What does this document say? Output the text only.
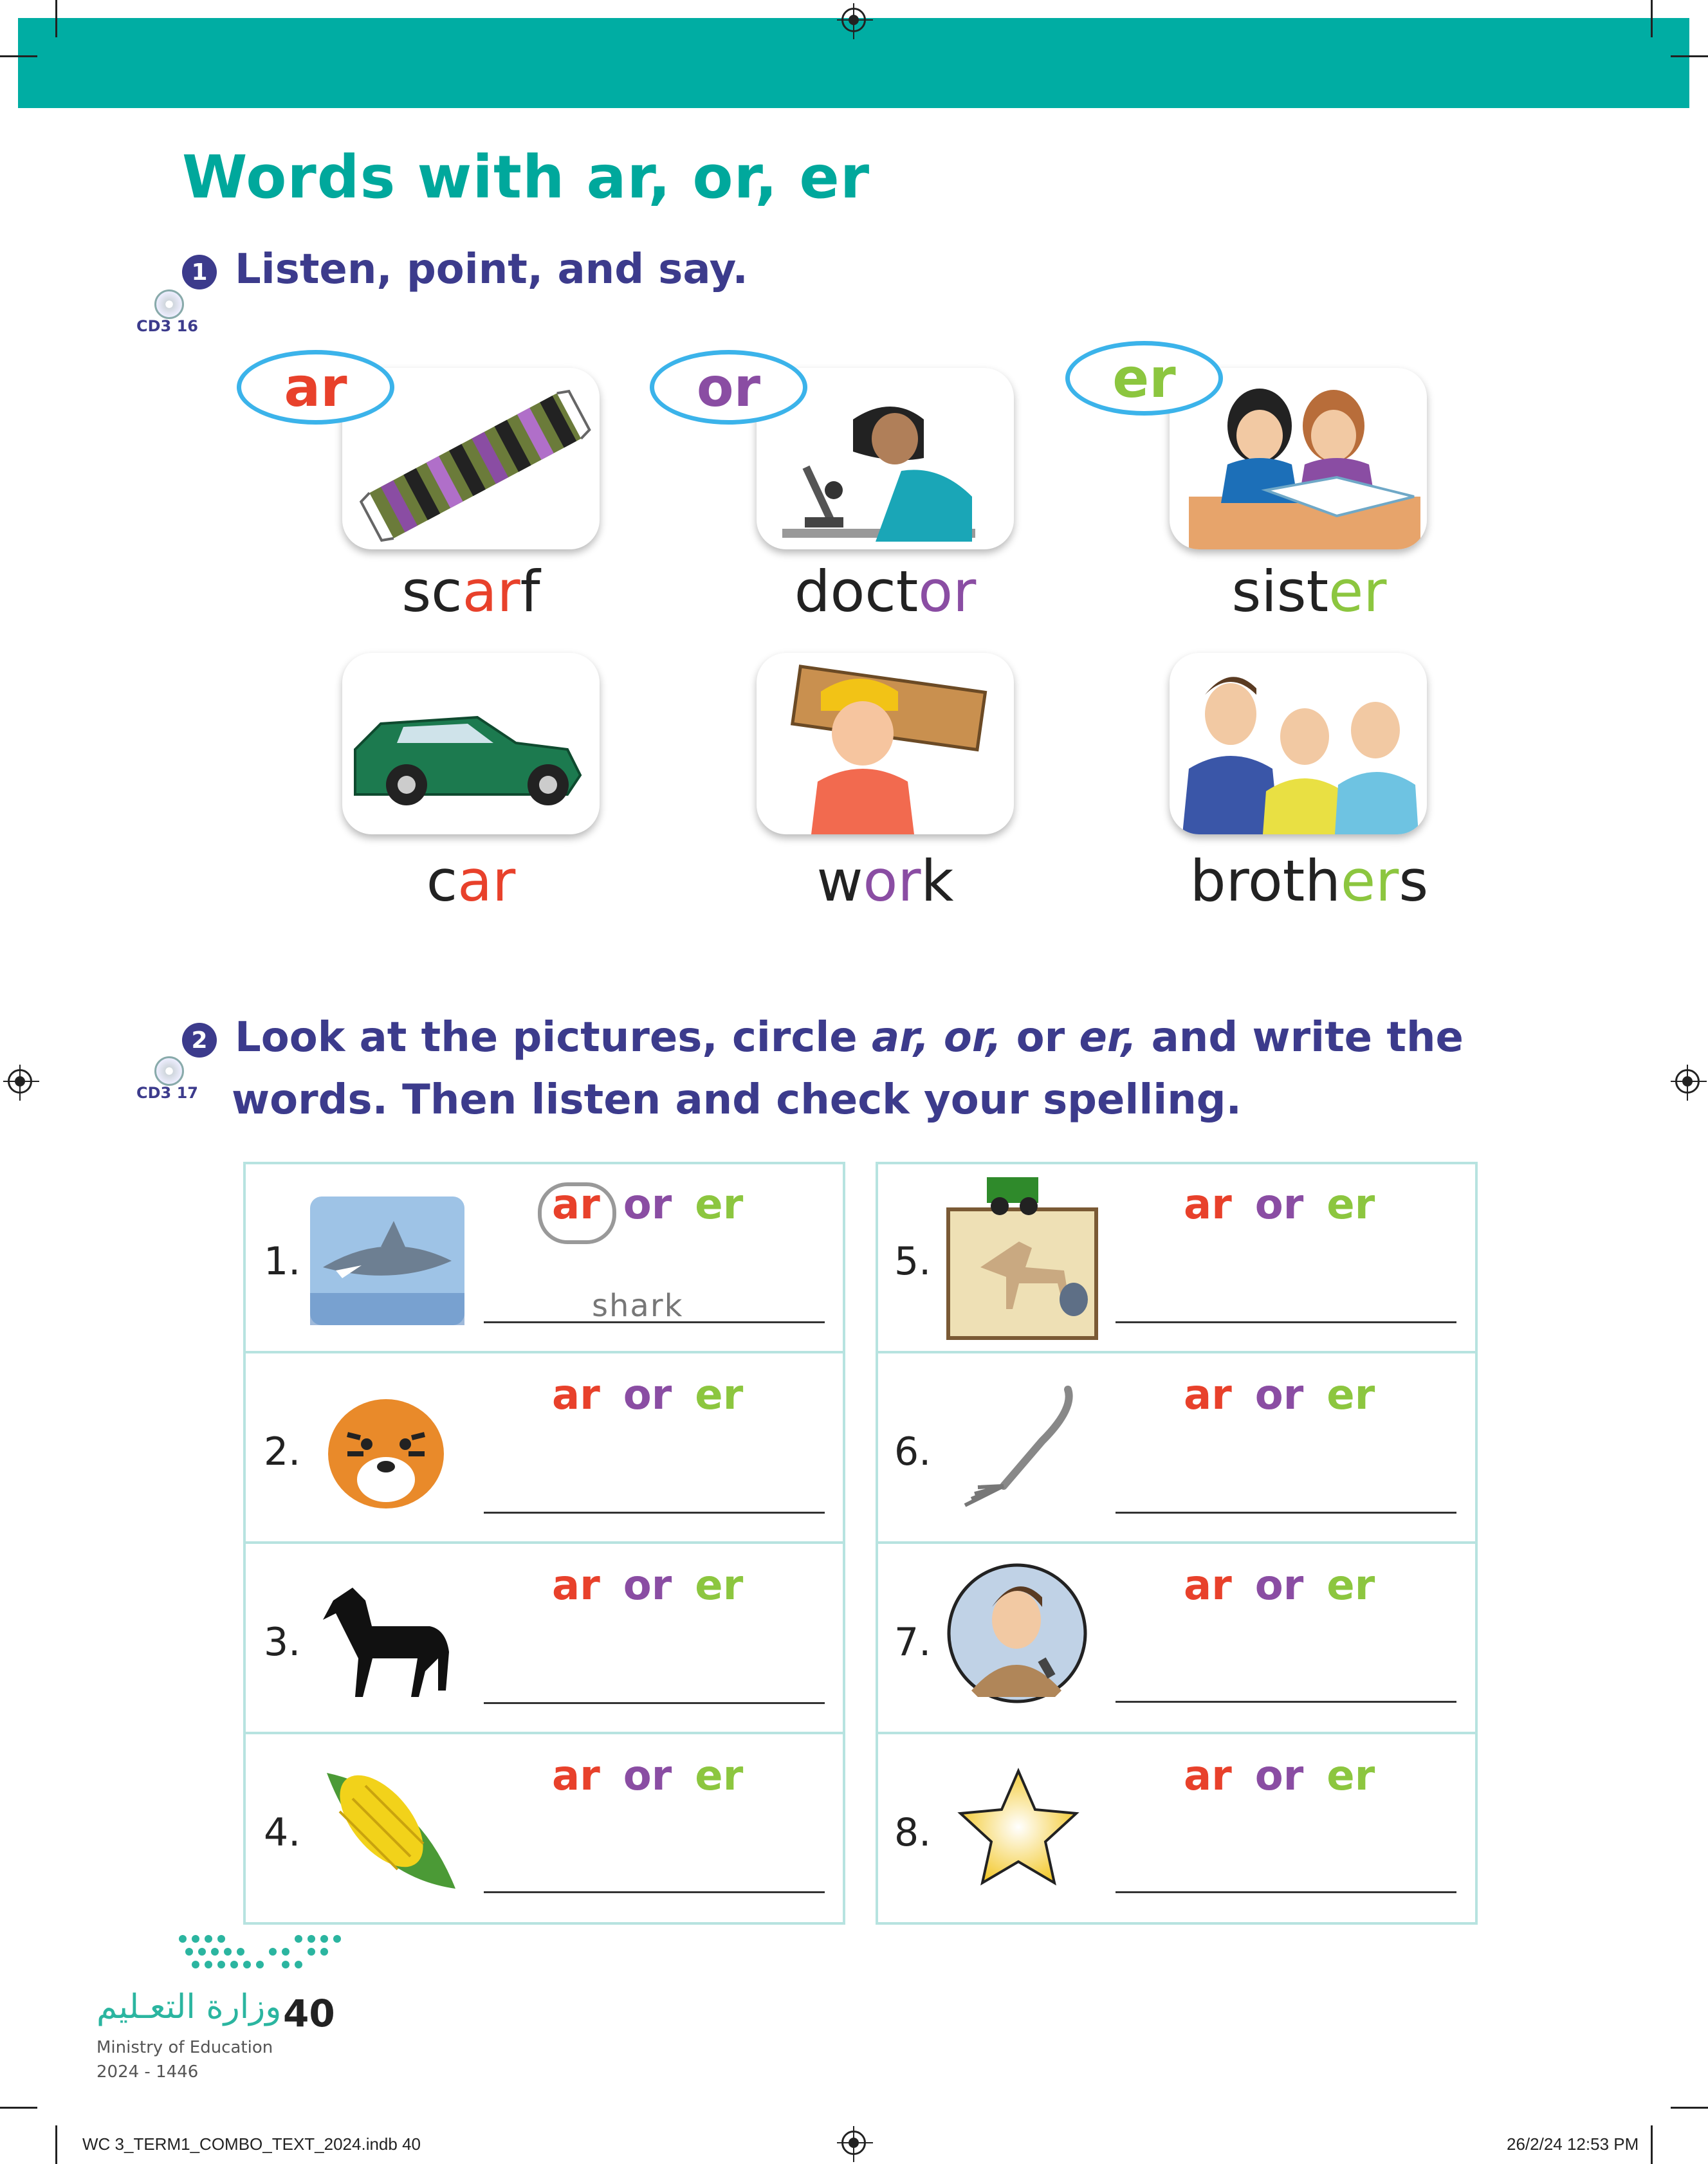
Words with ar, or, er
1 Listen, point, and say.
CD3 16
ar	or	er
scarf	doctor	sister
car	work	brothers
2 Look at the pictures, circle ar, or, or er, and write the
words. Then listen and check your spelling.
CD3 17
1.
ar or er
shark
2.
ar or er
3.
ar or er
4.
ar or er
5.
ar or er
6.
ar or er
7.
ar or er
8.
ar or er
وزارة التعـليم 40
Ministry of Education
2024 - 1446
WC 3_TERM1_COMBO_TEXT_2024.indb 40	26/2/24 12:53 PM
